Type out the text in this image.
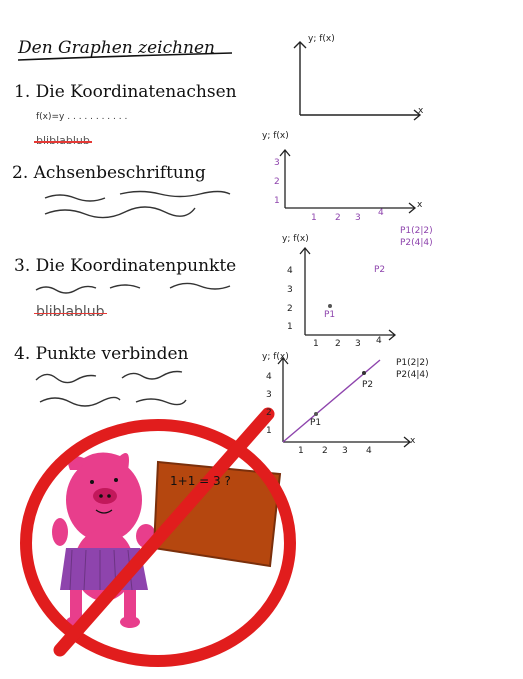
Den Graphen zeichnen
1. Die Koordinatenachsen
f(x)=y . . . . . . . . . . .
2. Achsenbeschriftung
3. Die Koordinatenpunkte
4. Punkte verbinden
1+1 = 3 ?
y; f(x)
x
y; f(x)
x
1 2 3 4
1
2
3
y; f(x)
P1(2|2)
P2(4|4)
P2
P1
4
3
2
1
1 2 3 4
y; f(x)
P1(2|2)
P2(4|4)
P2
P1
4
3
2
1
1 2 3 4
x
